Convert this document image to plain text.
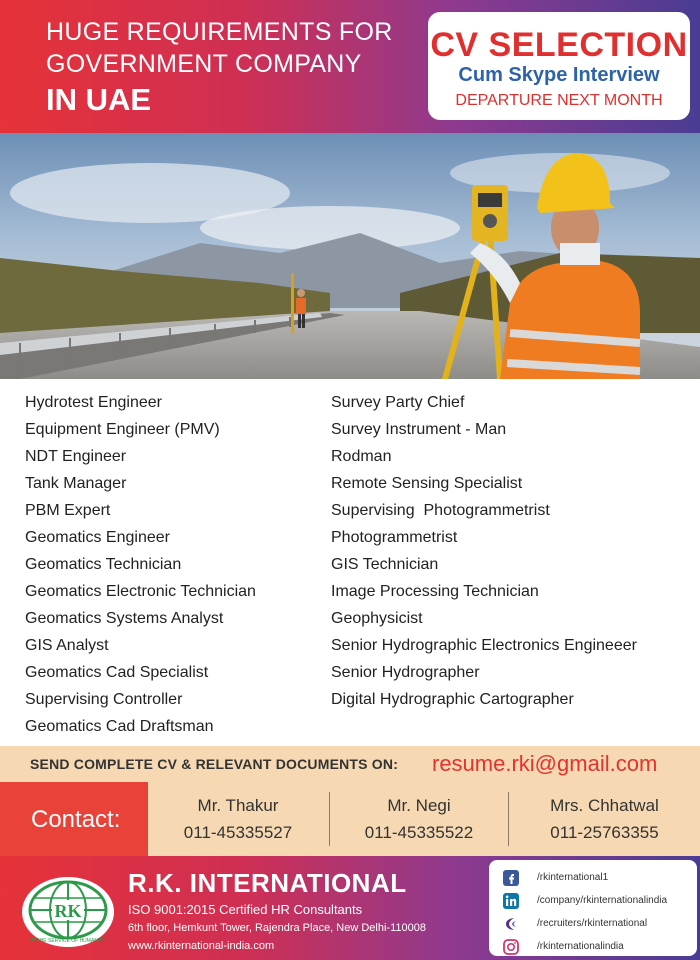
HUGE REQUIREMENTS FOR
GOVERNMENT COMPANY
IN UAE
CV SELECTION
Cum Skype Interview
DEPARTURE NEXT MONTH
Hydrotest Engineer
Equipment Engineer (PMV)
NDT Engineer
Tank Manager
PBM Expert
Geomatics Engineer
Geomatics Technician
Geomatics Electronic Technician
Geomatics Systems Analyst
GIS Analyst
Geomatics Cad Specialist
Supervising Controller
Geomatics Cad Draftsman
Survey Party Chief
Survey Instrument - Man
Rodman
Remote Sensing Specialist
Supervising  Photogrammetrist
Photogrammetrist
GIS Technician
Image Processing Technician
Geophysicist
Senior Hydrographic Electronics Engineeer
Senior Hydrographer
Digital Hydrographic Cartographer
SEND COMPLETE CV & RELEVANT DOCUMENTS ON: resume.rki@gmail.com
Contact:
Mr. Thakur
011-45335527
Mr. Negi
011-45335522
Mrs. Chhatwal
011-25763355
RK
IN THE SERVICE OF HUMANITY
R.K. INTERNATIONAL
ISO 9001:2015 Certified HR Consultants
6th floor, Hemkunt Tower, Rajendra Place, New Delhi-110008
www.rkinternational-india.com
/rkinternational1
/company/rkinternationalindia
/recruiters/rkinternational
/rkinternationalindia
